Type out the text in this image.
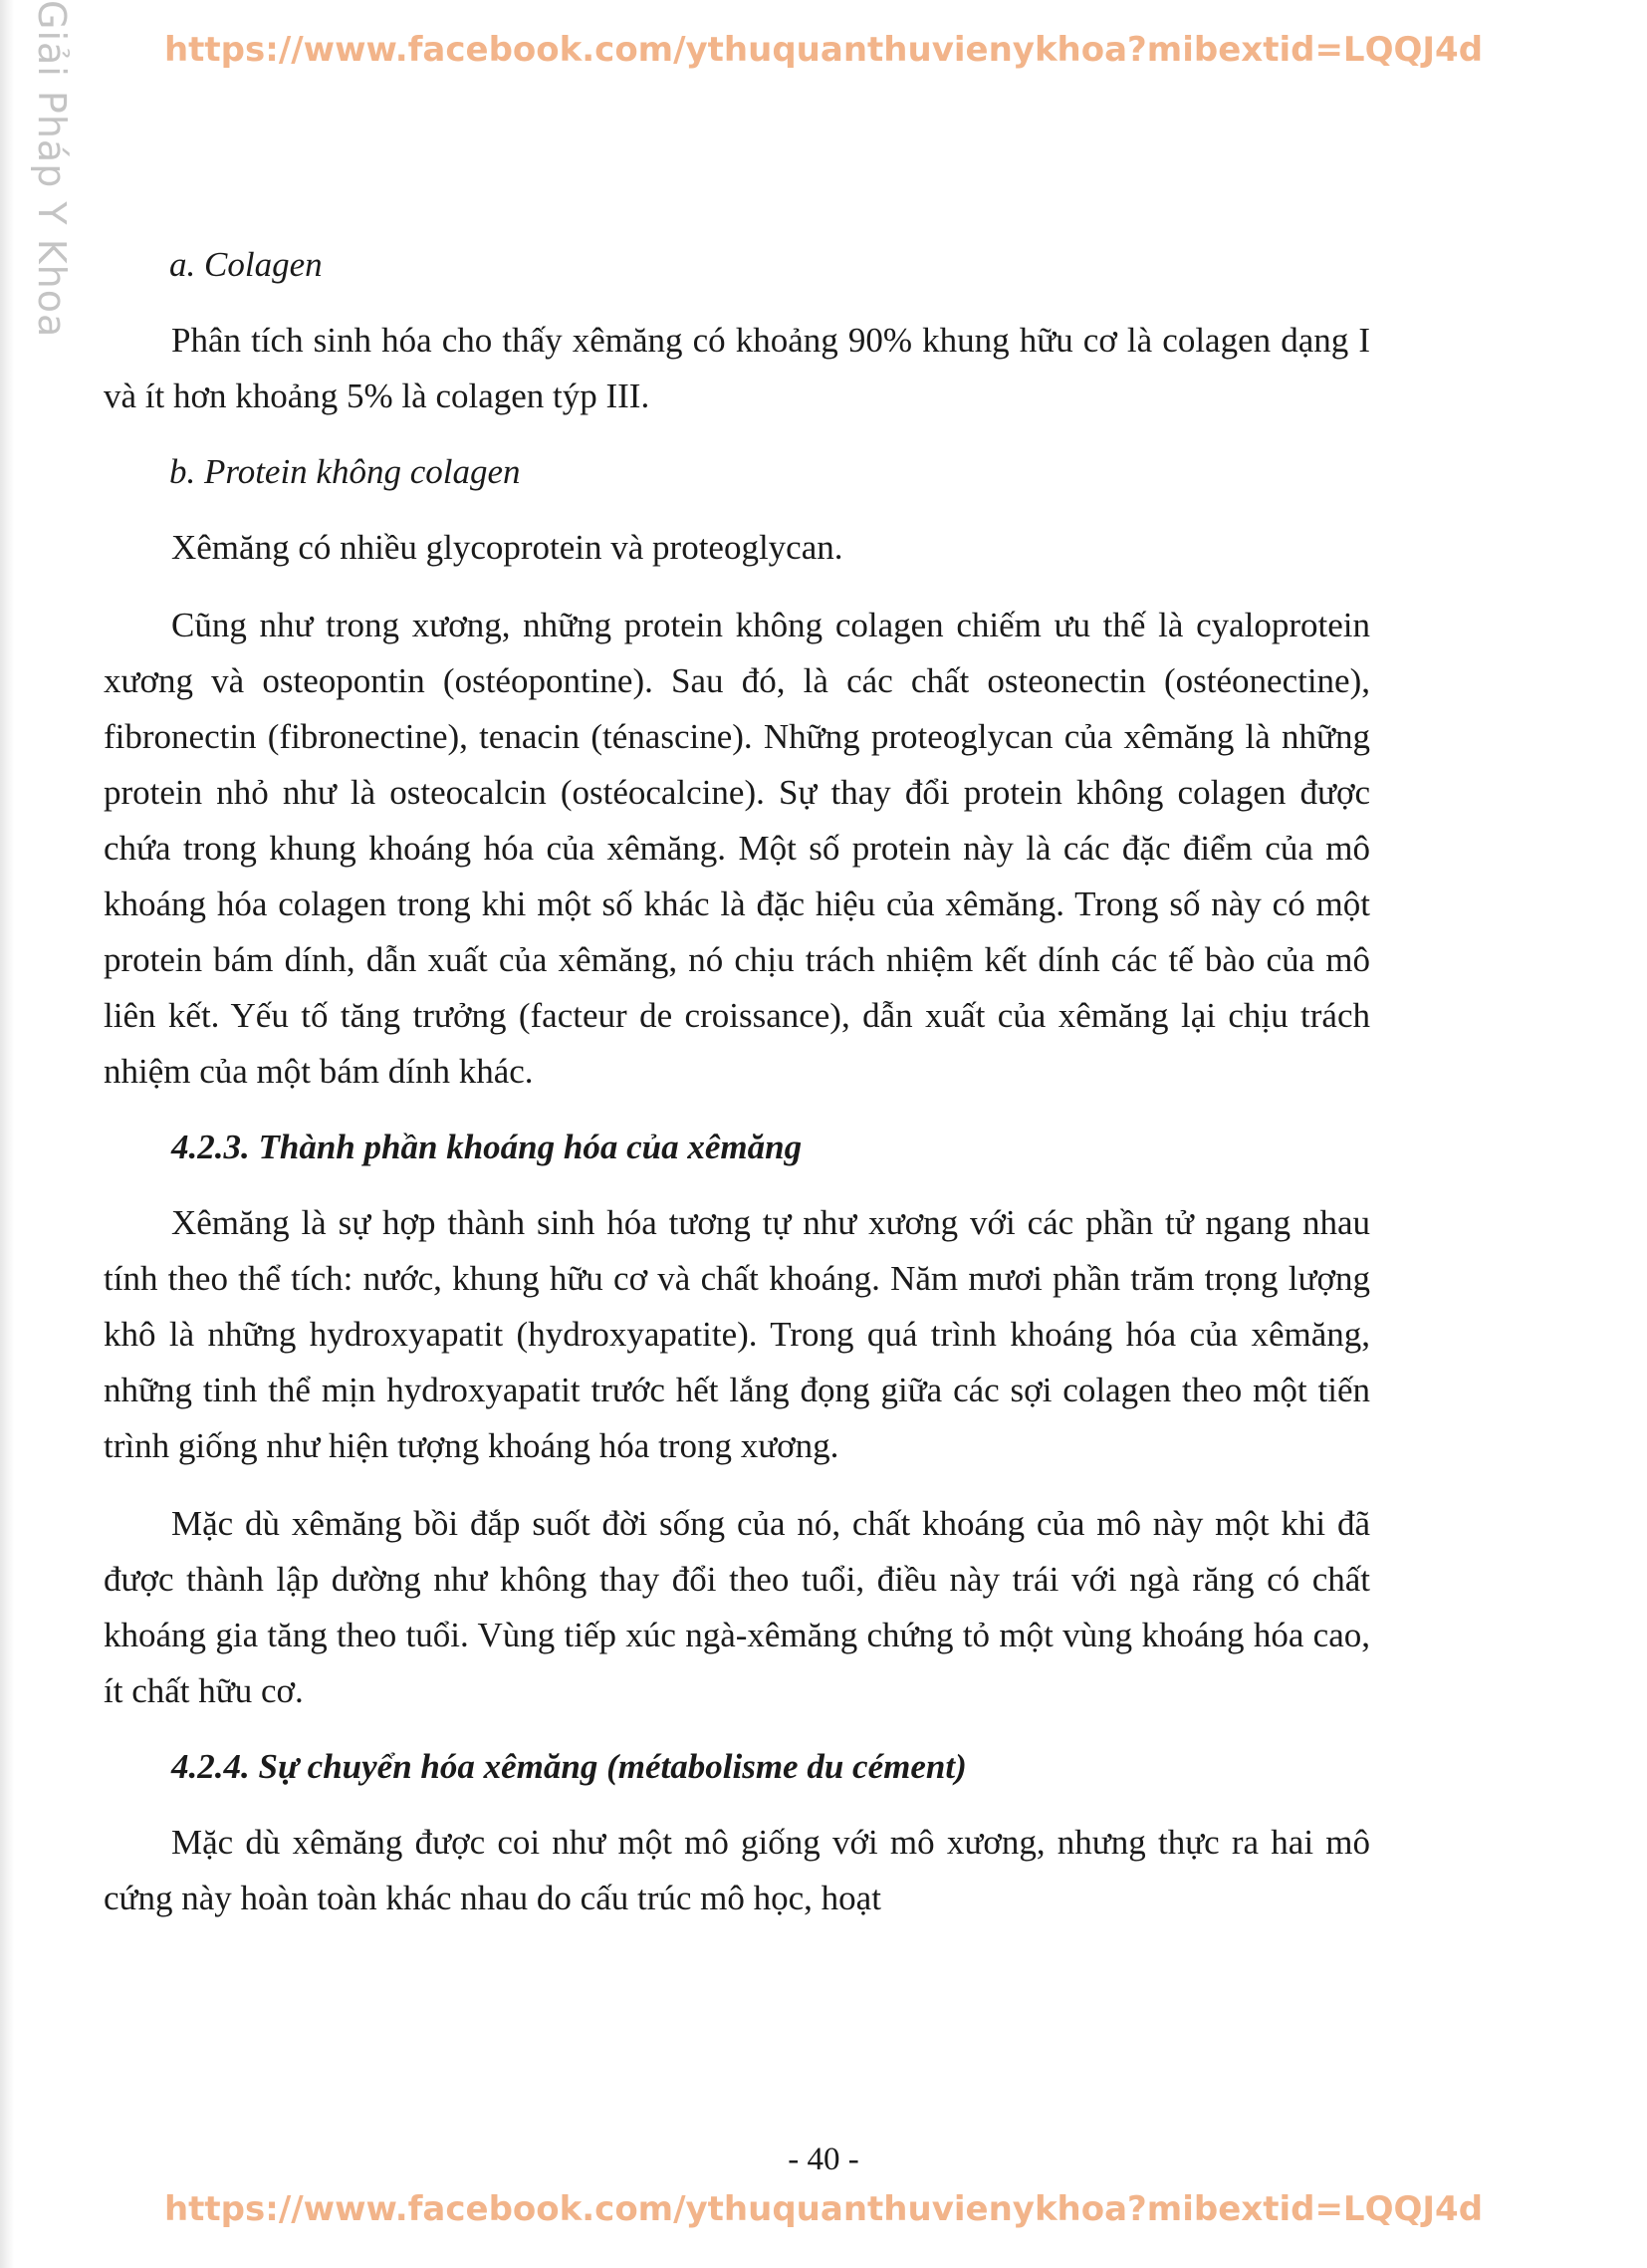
Giải Pháp Y Khoa	https://www.facebook.com/ythuquanthuvienykhoa?mibextid=LQQJ4d

a. Colagen

Phân tích sinh hóa cho thấy xêmăng có khoảng 90% khung hữu cơ là colagen dạng I và ít hơn khoảng 5% là colagen týp III.

b. Protein không colagen

Xêmăng có nhiều glycoprotein và proteoglycan.

Cũng như trong xương, những protein không colagen chiếm ưu thế là cyaloprotein xương và osteopontin (ostéopontine). Sau đó, là các chất osteonectin (ostéonectine), fibronectin (fibronectine), tenacin (ténascine). Những proteoglycan của xêmăng là những protein nhỏ như là osteocalcin (ostéocalcine). Sự thay đổi protein không colagen được chứa trong khung khoáng hóa của xêmăng. Một số protein này là các đặc điểm của mô khoáng hóa colagen trong khi một số khác là đặc hiệu của xêmăng. Trong số này có một protein bám dính, dẫn xuất của xêmăng, nó chịu trách nhiệm kết dính các tế bào của mô liên kết. Yếu tố tăng trưởng (facteur de croissance), dẫn xuất của xêmăng lại chịu trách nhiệm của một bám dính khác.

4.2.3. Thành phần khoáng hóa của xêmăng

Xêmăng là sự hợp thành sinh hóa tương tự như xương với các phần tử ngang nhau tính theo thể tích: nước, khung hữu cơ và chất khoáng. Năm mươi phần trăm trọng lượng khô là những hydroxyapatit (hydroxyapatite). Trong quá trình khoáng hóa của xêmăng, những tinh thể mịn hydroxyapatit trước hết lắng đọng giữa các sợi colagen theo một tiến trình giống như hiện tượng khoáng hóa trong xương.

Mặc dù xêmăng bồi đắp suốt đời sống của nó, chất khoáng của mô này một khi đã được thành lập dường như không thay đổi theo tuổi, điều này trái với ngà răng có chất khoáng gia tăng theo tuổi. Vùng tiếp xúc ngà-xêmăng chứng tỏ một vùng khoáng hóa cao, ít chất hữu cơ.

4.2.4. Sự chuyển hóa xêmăng (métabolisme du cément)

Mặc dù xêmăng được coi như một mô giống với mô xương, nhưng thực ra hai mô cứng này hoàn toàn khác nhau do cấu trúc mô học, hoạt

- 40 -
https://www.facebook.com/ythuquanthuvienykhoa?mibextid=LQQJ4d
